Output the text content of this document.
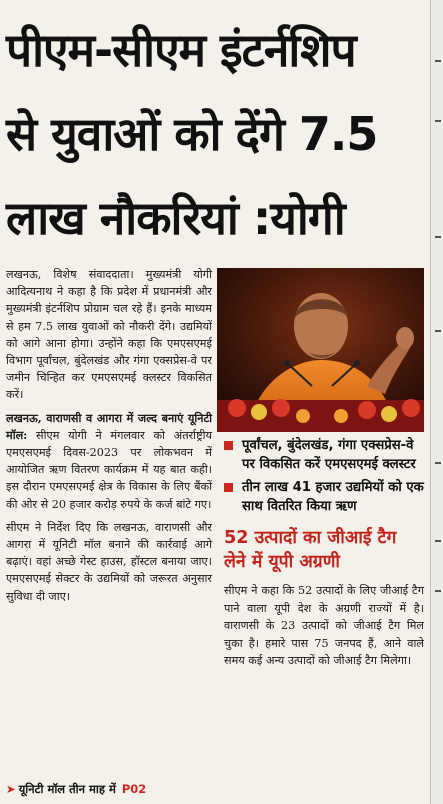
पीएम-सीएम इंटर्नशिप
से युवाओं को देंगे 7.5
लाख नौकरियां :योगी

लखनऊ, विशेष संवाददाता। मुख्यमंत्री योगी आदित्यनाथ ने कहा है कि प्रदेश में प्रधानमंत्री और मुख्यमंत्री इंटर्नशिप प्रोग्राम चल रहे हैं। इनके माध्यम से हम 7.5 लाख युवाओं को नौकरी देंगे। उद्यमियों को आगे आना होगा। उन्होंने कहा कि एमएसएमई विभाग पूर्वांचल, बुंदेलखंड और गंगा एक्सप्रेस-वे पर जमीन चिन्हित कर एमएसएमई क्लस्टर विकसित करें।

लखनऊ, वाराणसी व आगरा में जल्द बनाएं यूनिटी मॉल: सीएम योगी ने मंगलवार को अंतर्राष्ट्रीय एमएसएमई दिवस-2023 पर लोकभवन में आयोजित ऋण वितरण कार्यक्रम में यह बात कही। इस दौरान एमएसएमई क्षेत्र के विकास के लिए बैंकों की ओर से 20 हजार करोड़ रुपये के कर्ज बांटे गए।

सीएम ने निर्देश दिए कि लखनऊ, वाराणसी और आगरा में यूनिटी मॉल बनाने की कार्रवाई आगे बढ़ाएं। वहां अच्छे गेस्ट हाउस, हॉस्टल बनाया जाए। एमएसएमई सेक्टर के उद्यमियों को जरूरत अनुसार सुविधा दी जाए।

पूर्वांचल, बुंदेलखंड, गंगा एक्सप्रेस-वे पर विकसित करें एमएसएमई क्लस्टर
तीन लाख 41 हजार उद्यमियों को एक साथ वितरित किया ऋण
52 उत्पादों का जीआई टैग लेने में यूपी अग्रणी
सीएम ने कहा कि 52 उत्पादों के लिए जीआई टैग पाने वाला यूपी देश के अग्रणी राज्यों में है। वाराणसी के 23 उत्पादों को जीआई टैग मिल चुका है। हमारे पास 75 जनपद हैं, आने वाले समय कई अन्य उत्पादों को जीआई टैग मिलेगा।
➤ यूनिटी मॉल तीन माह में P02
